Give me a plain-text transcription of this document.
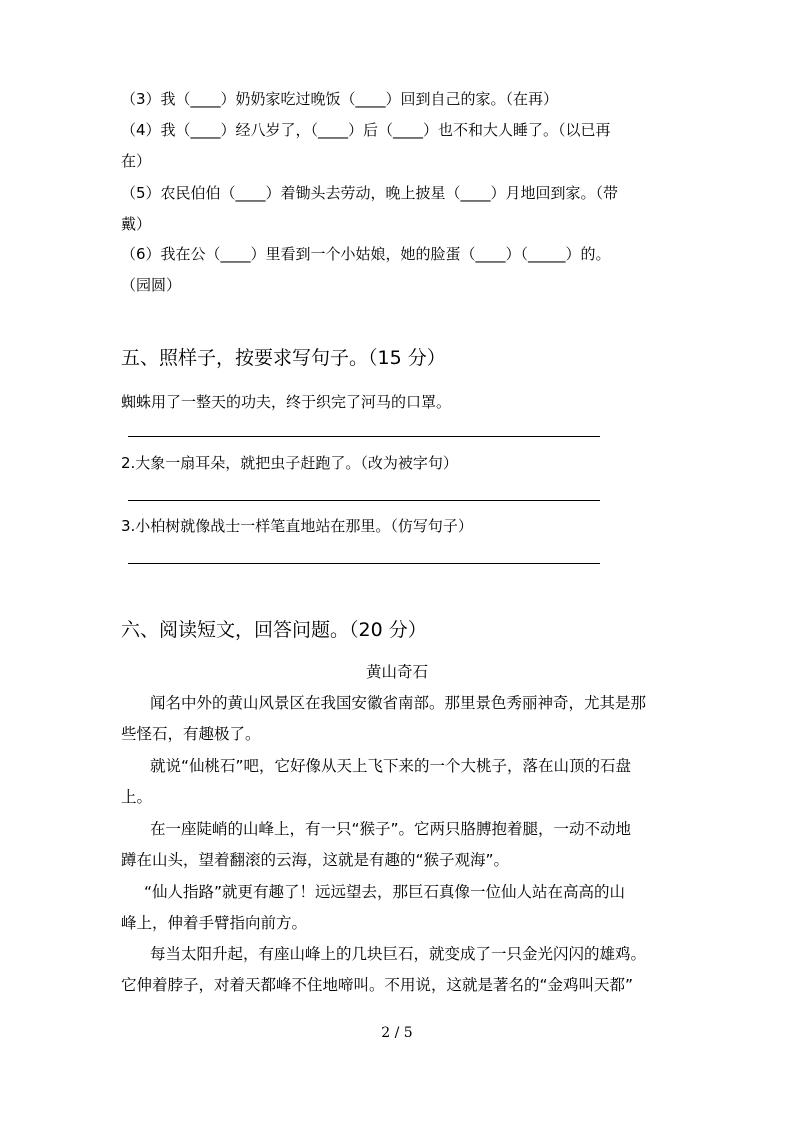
（3）我（____）奶奶家吃过晚饭（____）回到自己的家。（在再）
（4）我（____）经八岁了，（____）后（____）也不和大人睡了。（以已再
在）
（5）农民伯伯（____）着锄头去劳动，晚上披星（____）月地回到家。（带
戴）
（6）我在公（____）里看到一个小姑娘，她的脸蛋（____）（_____）的。
（园圆）
五、照样子，按要求写句子。（15 分）
蜘蛛用了一整天的功夫，终于织完了河马的口罩。
2.大象一扇耳朵，就把虫子赶跑了。（改为被字句）
3.小柏树就像战士一样笔直地站在那里。（仿写句子）
六、阅读短文，回答问题。（20 分）
黄山奇石
闻名中外的黄山风景区在我国安徽省南部。那里景色秀丽神奇，尤其是那
些怪石，有趣极了。
就说“仙桃石”吧，它好像从天上飞下来的一个大桃子，落在山顶的石盘
上。
在一座陡峭的山峰上，有一只“猴子”。它两只胳膊抱着腿，一动不动地
蹲在山头，望着翻滚的云海，这就是有趣的“猴子观海”。
“仙人指路”就更有趣了！远远望去，那巨石真像一位仙人站在高高的山
峰上，伸着手臂指向前方。
每当太阳升起，有座山峰上的几块巨石，就变成了一只金光闪闪的雄鸡。
它伸着脖子，对着天都峰不住地啼叫。不用说，这就是著名的“金鸡叫天都”
2 / 5
